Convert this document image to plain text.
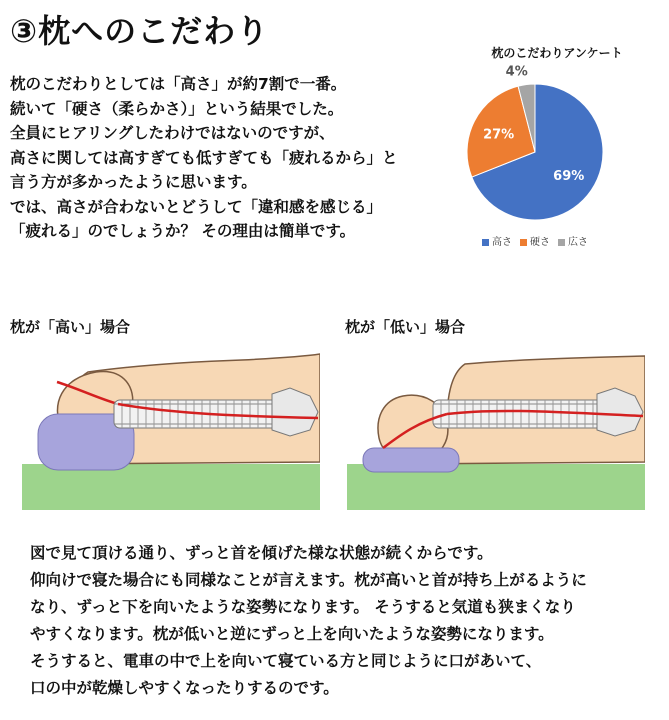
③枕へのこだわり
枕のこだわりとしては「高さ」が約7割で一番。
続いて「硬さ（柔らかさ）」という結果でした。
全員にヒアリングしたわけではないのですが、
高さに関しては高すぎても低すぎても「疲れるから」と
言う方が多かったように思います。
では、高さが合わないとどうして「違和感を感じる」
「疲れる」のでしょうか？ その理由は簡単です。
69%
27%
4%
枕のこだわりアンケート
高さ 硬さ 広さ
枕が「高い」場合	枕が「低い」場合
図で見て頂ける通り、ずっと首を傾げた様な状態が続くからです。
仰向けで寝た場合にも同様なことが言えます。枕が高いと首が持ち上がるように
なり、ずっと下を向いたような姿勢になります。 そうすると気道も狭まくなり
やすくなります。枕が低いと逆にずっと上を向いたような姿勢になります。
そうすると、電車の中で上を向いて寝ている方と同じように口があいて、
口の中が乾燥しやすくなったりするのです。
